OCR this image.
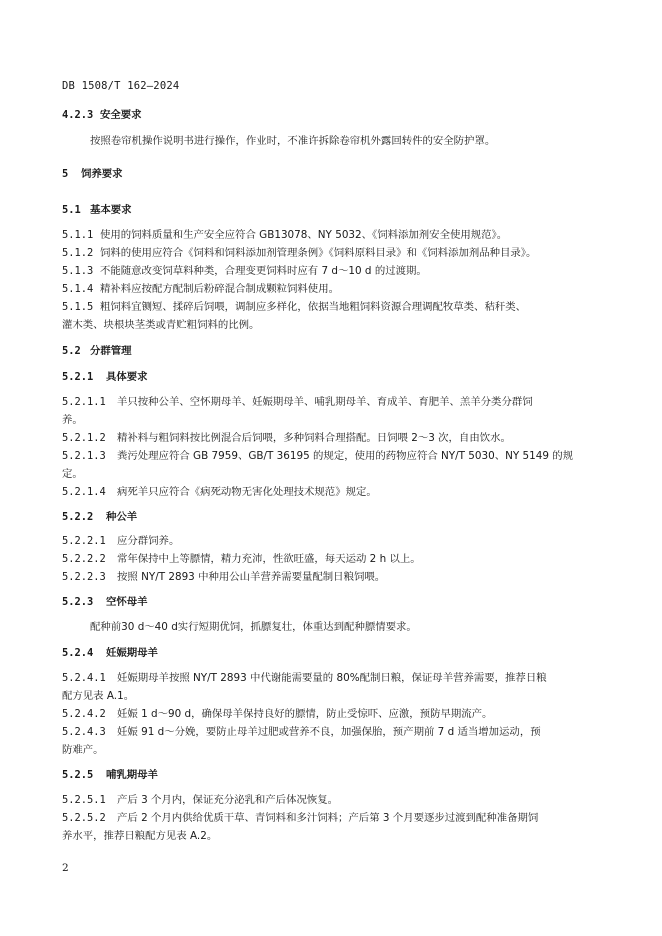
DB 1508/T 162—2024
4.2.3 安全要求
按照卷帘机操作说明书进行操作，作业时，不准许拆除卷帘机外露回转件的安全防护罩。
5 饲养要求
5.1 基本要求
5.1.1 使用的饲料质量和生产安全应符合 GB13078、NY 5032、《饲料添加剂安全使用规范》。
5.1.2 饲料的使用应符合《饲料和饲料添加剂管理条例》《饲料原料目录》和《饲料添加剂品种目录》。
5.1.3 不能随意改变饲草料种类，合理变更饲料时应有 7 d～10 d 的过渡期。
5.1.4 精补料应按配方配制后粉碎混合制成颗粒饲料使用。
5.1.5 粗饲料宜铡短、揉碎后饲喂，调制应多样化，依据当地粗饲料资源合理调配牧草类、秸秆类、
灌木类、块根块茎类或青贮粗饲料的比例。
5.2 分群管理
5.2.1 具体要求
5.2.1.1 羊只按种公羊、空怀期母羊、妊娠期母羊、哺乳期母羊、育成羊、育肥羊、羔羊分类分群饲
养。
5.2.1.2 精补料与粗饲料按比例混合后饲喂，多种饲料合理搭配。日饲喂 2～3 次，自由饮水。
5.2.1.3 粪污处理应符合 GB 7959、GB/T 36195 的规定，使用的药物应符合 NY/T 5030、NY 5149 的规
定。
5.2.1.4 病死羊只应符合《病死动物无害化处理技术规范》规定。
5.2.2 种公羊
5.2.2.1 应分群饲养。
5.2.2.2 常年保持中上等膘情，精力充沛，性欲旺盛，每天运动 2 h 以上。
5.2.2.3 按照 NY/T 2893 中种用公山羊营养需要量配制日粮饲喂。
5.2.3 空怀母羊
配种前30 d～40 d实行短期优饲，抓膘复壮，体重达到配种膘情要求。
5.2.4 妊娠期母羊
5.2.4.1 妊娠期母羊按照 NY/T 2893 中代谢能需要量的 80%配制日粮，保证母羊营养需要，推荐日粮
配方见表 A.1。
5.2.4.2 妊娠 1 d～90 d，确保母羊保持良好的膘情，防止受惊吓、应激，预防早期流产。
5.2.4.3 妊娠 91 d～分娩，要防止母羊过肥或营养不良，加强保胎，预产期前 7 d 适当增加运动，预
防难产。
5.2.5 哺乳期母羊
5.2.5.1 产后 3 个月内，保证充分泌乳和产后体况恢复。
5.2.5.2 产后 2 个月内供给优质干草、青饲料和多汁饲料；产后第 3 个月要逐步过渡到配种准备期饲
养水平，推荐日粮配方见表 A.2。
2
